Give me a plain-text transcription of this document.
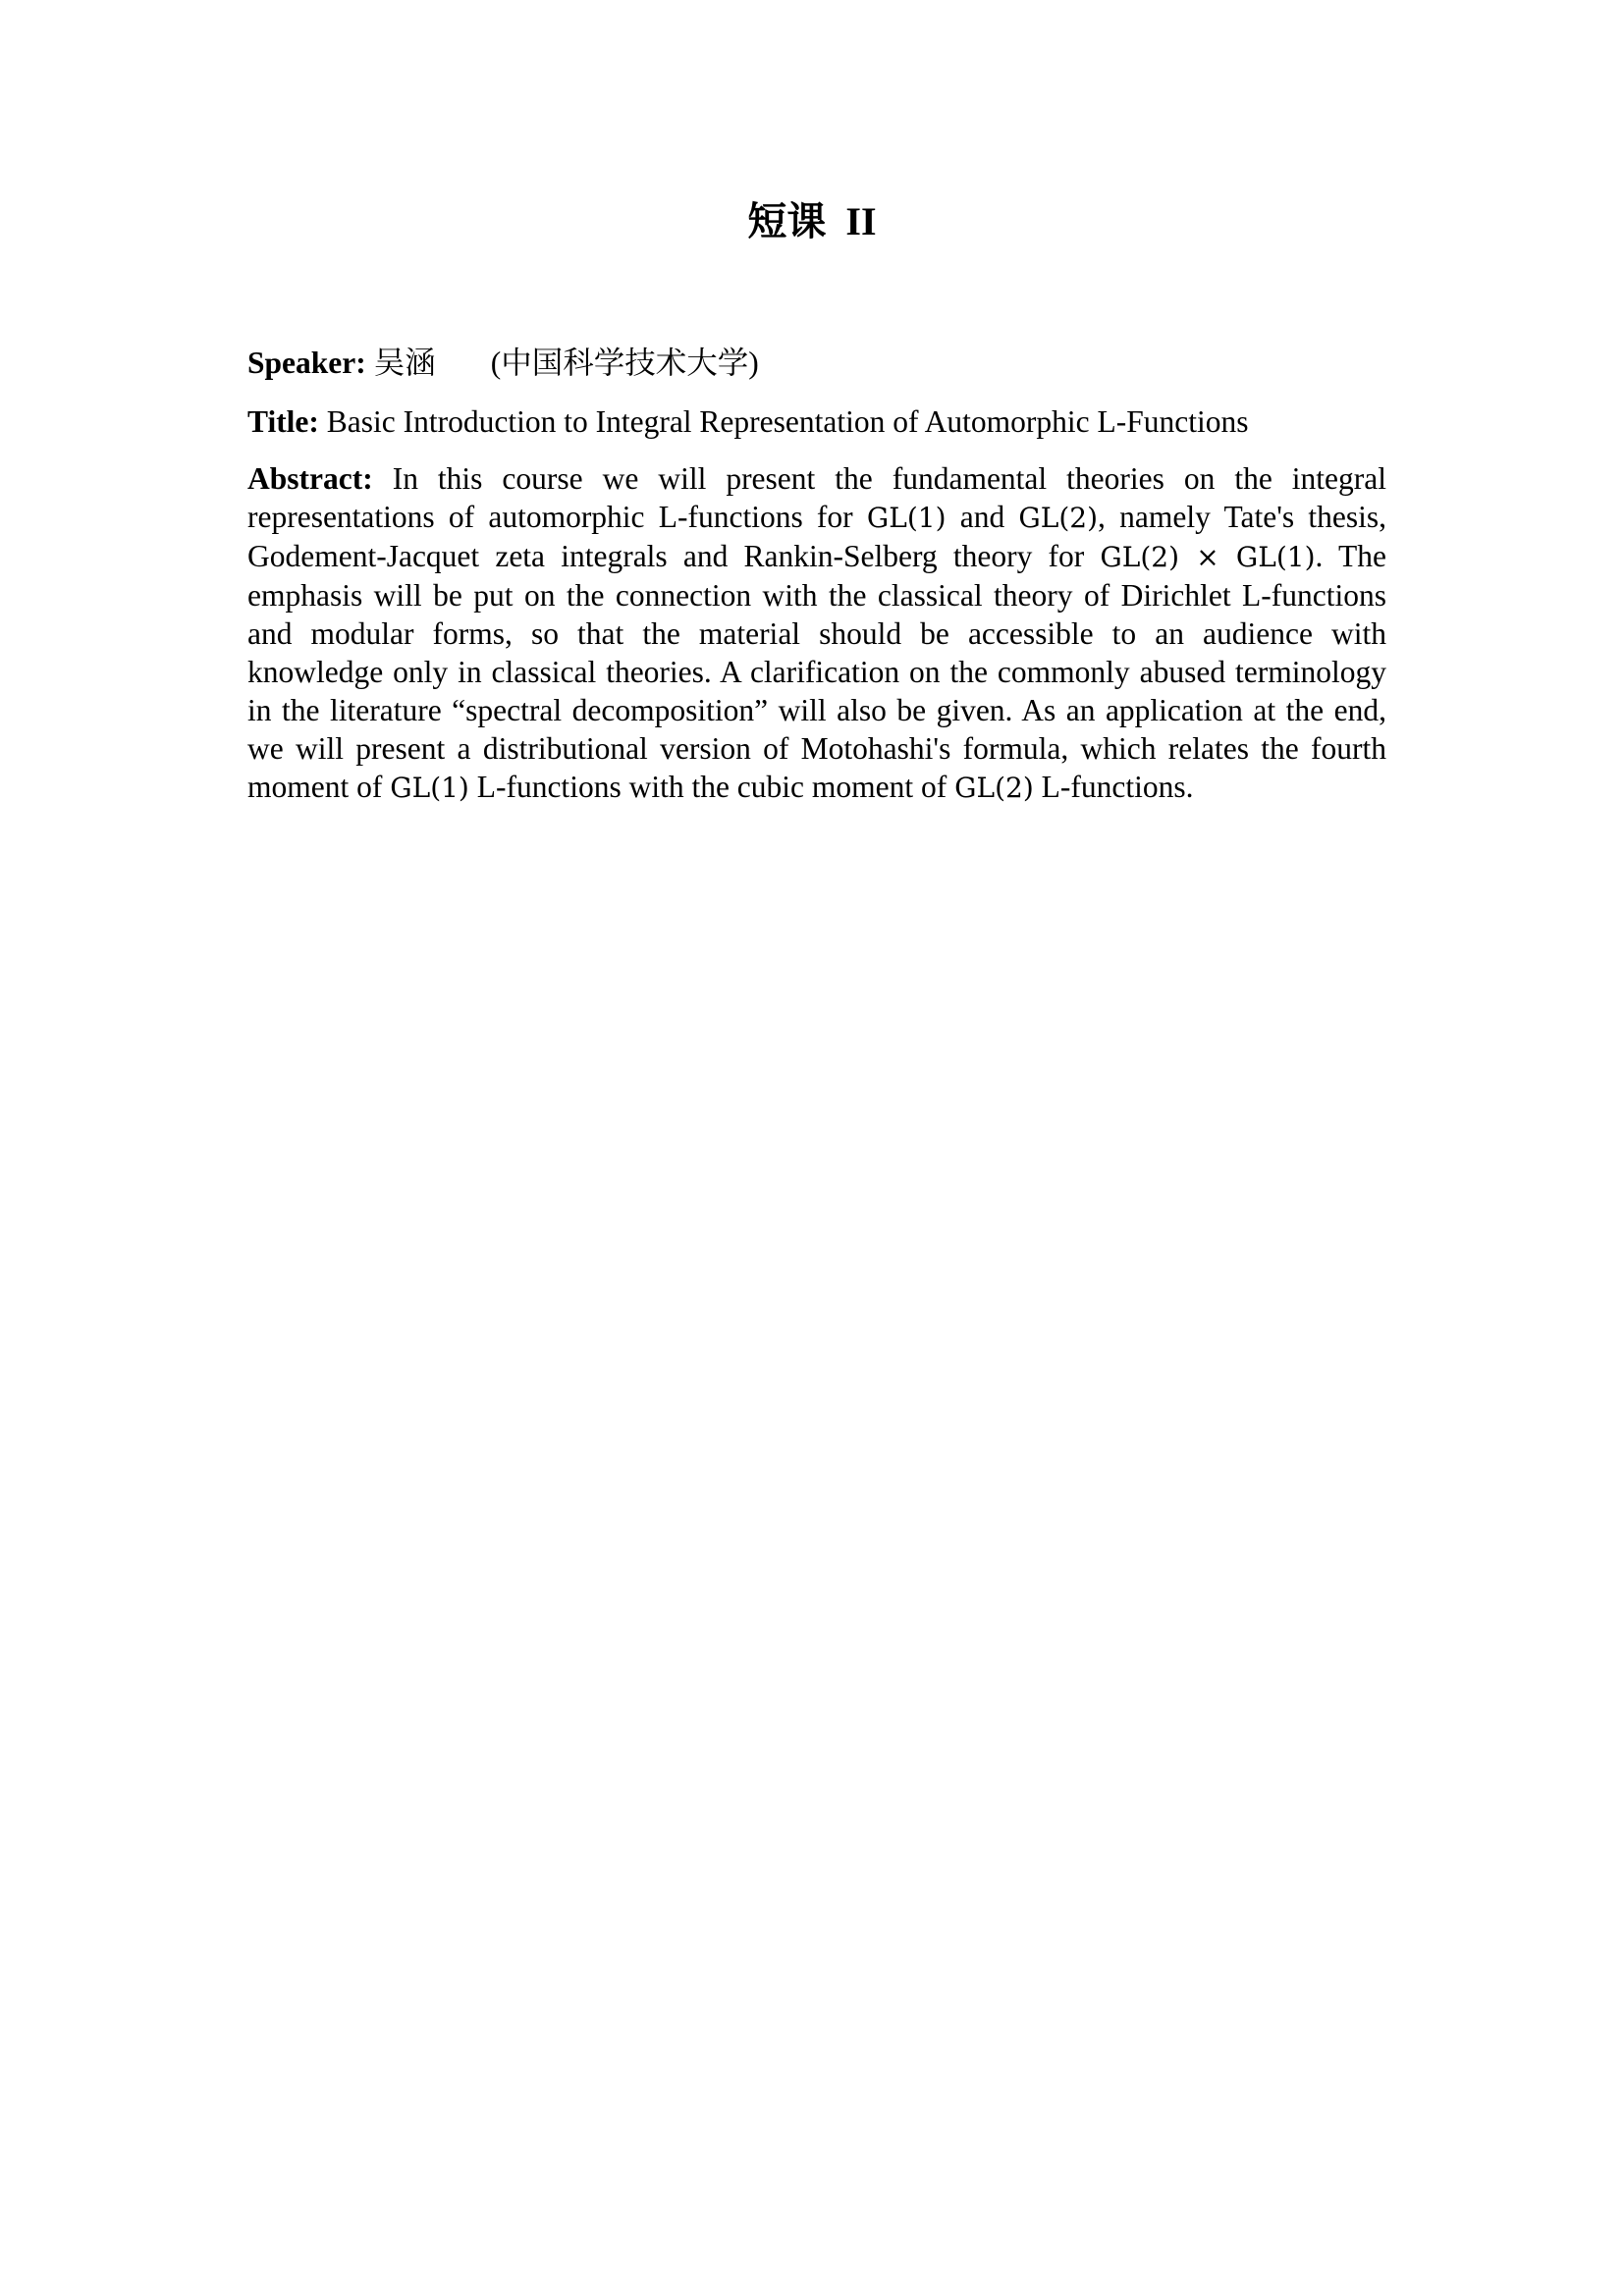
短课  II
Speaker: 吴涵 (中国科学技术大学)
Title: Basic Introduction to Integral Representation of Automorphic L-Functions
Abstract: In this course we will present the fundamental theories on the integral representations of automorphic L-functions for GL(1) and GL(2), namely Tate's thesis, Godement-Jacquet zeta integrals and Rankin-Selberg theory for GL(2) × GL(1). The emphasis will be put on the connection with the classical theory of Dirichlet L-functions and modular forms, so that the material should be accessible to an audience with knowledge only in classical theories. A clarification on the commonly abused terminology in the literature “spectral decomposition” will also be given. As an application at the end, we will present a distributional version of Motohashi's formula, which relates the fourth moment of GL(1) L-functions with the cubic moment of GL(2) L-functions.
